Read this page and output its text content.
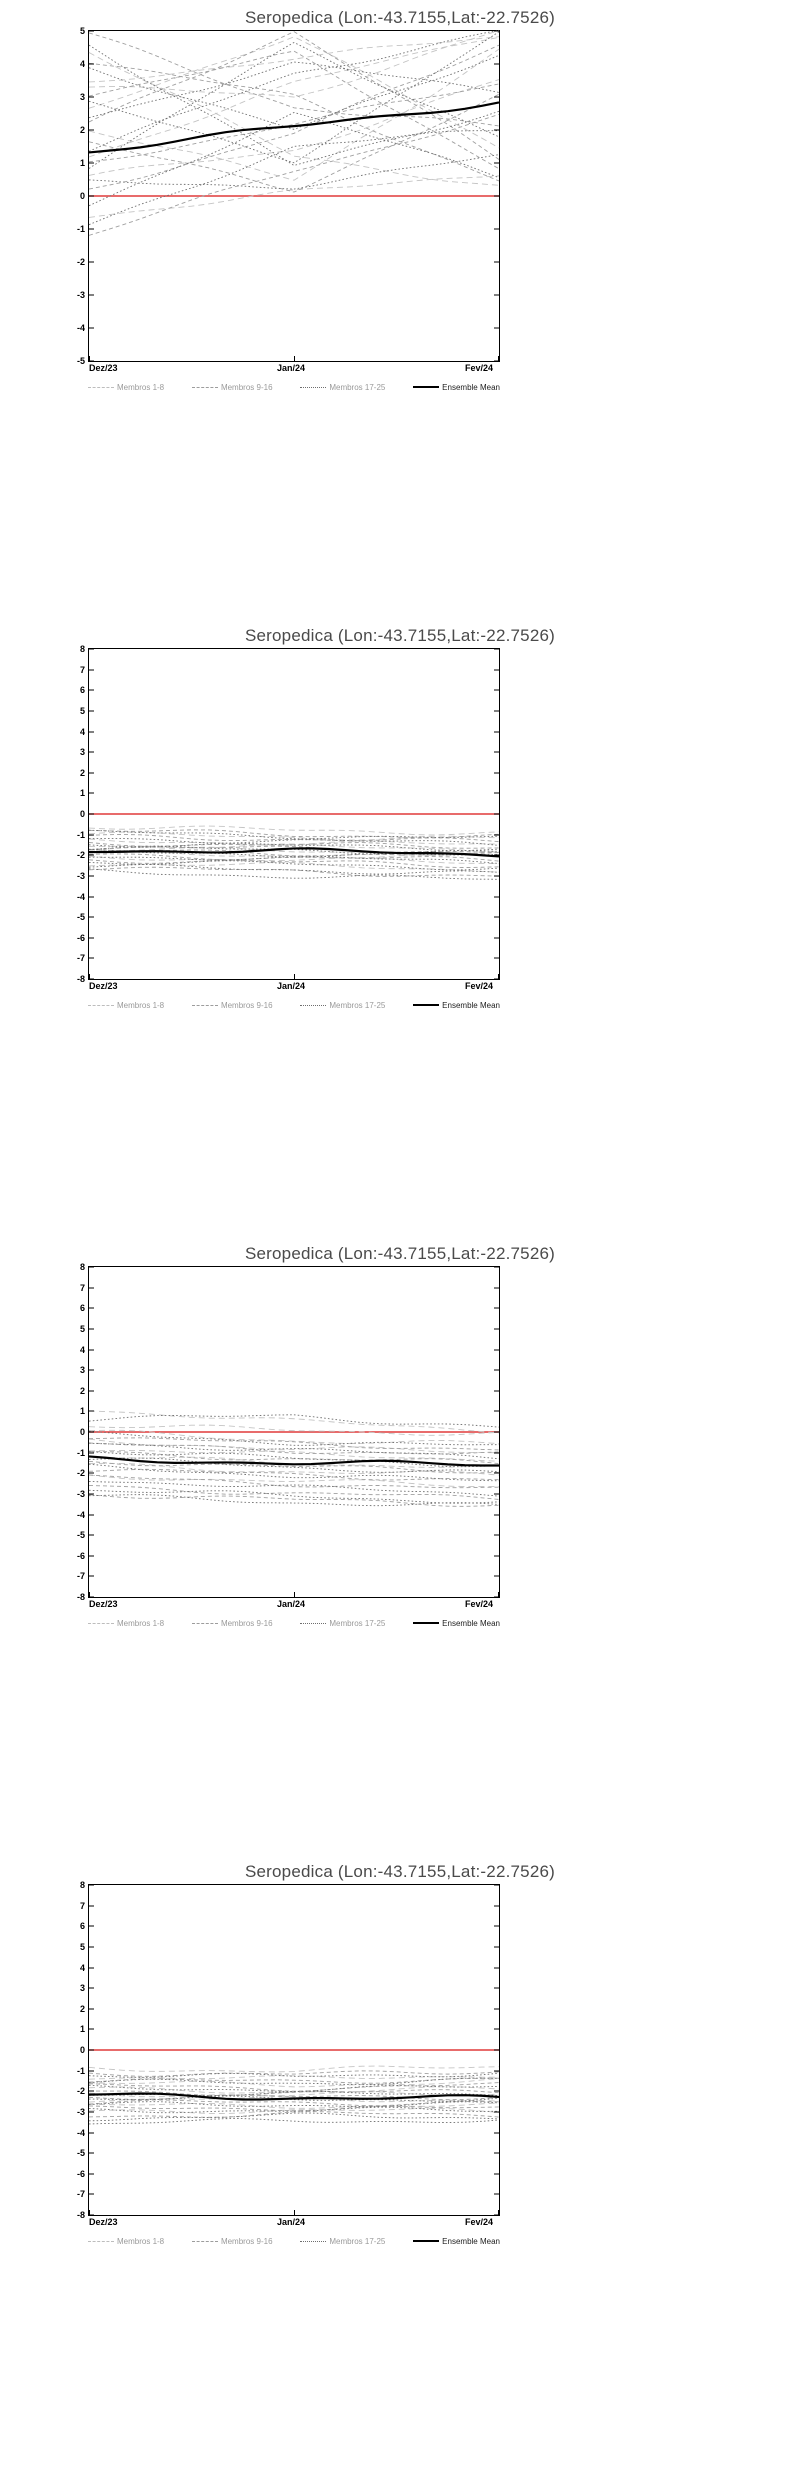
Seropedica (Lon:-43.7155,Lat:-22.7526)
-5
-4
-3
-2
-1
0
1
2
3
4
5
Dez/23	Jan/24	Fev/24
Membros 1-8	Membros 9-16	Membros 17-25	Ensemble Mean
Seropedica (Lon:-43.7155,Lat:-22.7526)
-8
-7
-6
-5
-4
-3
-2
-1
0
1
2
3
4
5
6
7
8
Dez/23	Jan/24	Fev/24
Membros 1-8	Membros 9-16	Membros 17-25	Ensemble Mean
Seropedica (Lon:-43.7155,Lat:-22.7526)
-8
-7
-6
-5
-4
-3
-2
-1
0
1
2
3
4
5
6
7
8
Dez/23	Jan/24	Fev/24
Membros 1-8	Membros 9-16	Membros 17-25	Ensemble Mean
Seropedica (Lon:-43.7155,Lat:-22.7526)
-8
-7
-6
-5
-4
-3
-2
-1
0
1
2
3
4
5
6
7
8
Dez/23	Jan/24	Fev/24
Membros 1-8	Membros 9-16	Membros 17-25	Ensemble Mean
